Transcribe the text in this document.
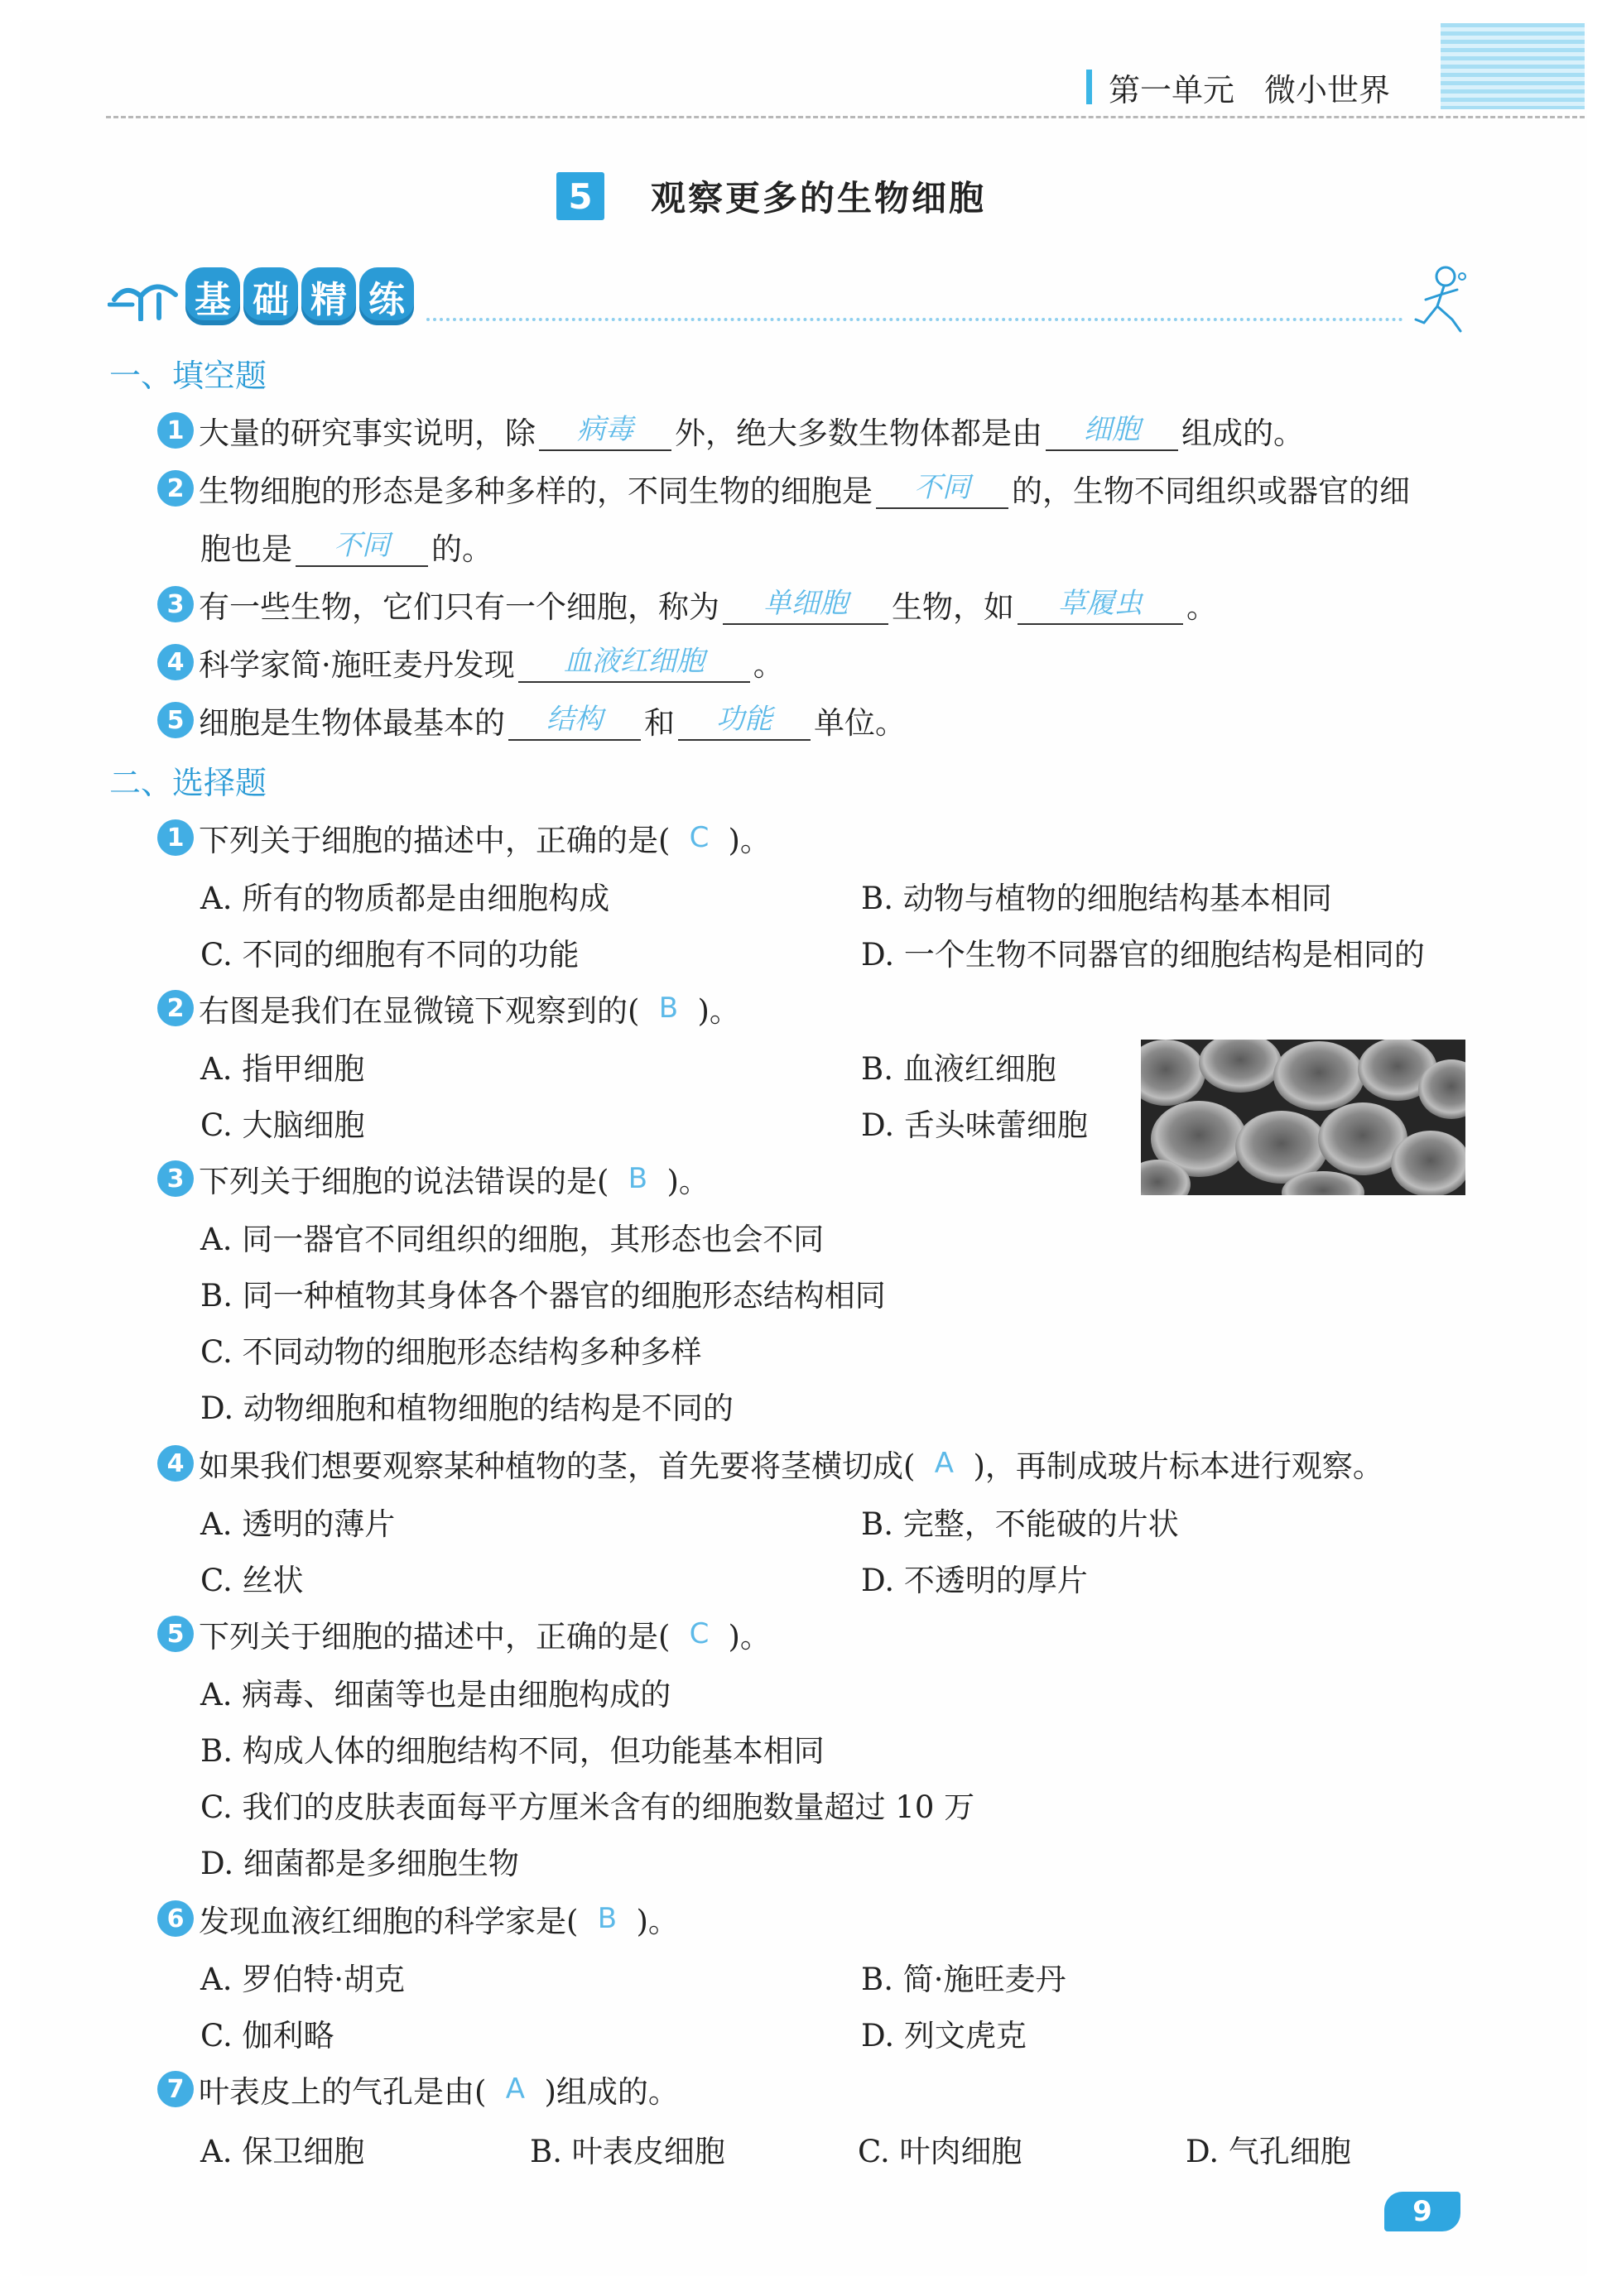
第一单元 微小世界
5	观察更多的生物细胞
基 础 精 练
一、填空题
1 大量的研究事实说明，除	病毒	外，绝大多数生物体都是由	细胞	组成的。
2 生物细胞的形态是多种多样的，不同生物的细胞是	不同	的，生物不同组织或器官的细
胞也是	不同	的。
3 有一些生物，它们只有一个细胞，称为	单细胞	生物，如	草履虫	。
4 科学家简·施旺麦丹发现	血液红细胞	。
5 细胞是生物体最基本的	结构	和	功能	单位。
二、选择题
1 下列关于细胞的描述中，正确的是( C )。
A. 所有的物质都是由细胞构成	B. 动物与植物的细胞结构基本相同
C. 不同的细胞有不同的功能	D. 一个生物不同器官的细胞结构是相同的
2 右图是我们在显微镜下观察到的( B )。
A. 指甲细胞	B. 血液红细胞
C. 大脑细胞	D. 舌头味蕾细胞
3 下列关于细胞的说法错误的是( B )。
A. 同一器官不同组织的细胞，其形态也会不同
B. 同一种植物其身体各个器官的细胞形态结构相同
C. 不同动物的细胞形态结构多种多样
D. 动物细胞和植物细胞的结构是不同的
4 如果我们想要观察某种植物的茎，首先要将茎横切成( A )，再制成玻片标本进行观察。
A. 透明的薄片	B. 完整，不能破的片状
C. 丝状	D. 不透明的厚片
5 下列关于细胞的描述中，正确的是( C )。
A. 病毒、细菌等也是由细胞构成的
B. 构成人体的细胞结构不同，但功能基本相同
C. 我们的皮肤表面每平方厘米含有的细胞数量超过 10 万
D. 细菌都是多细胞生物
6 发现血液红细胞的科学家是( B )。
A. 罗伯特·胡克	B. 简·施旺麦丹
C. 伽利略	D. 列文虎克
7 叶表皮上的气孔是由( A )组成的。
A. 保卫细胞	B. 叶表皮细胞	C. 叶肉细胞	D. 气孔细胞
9
